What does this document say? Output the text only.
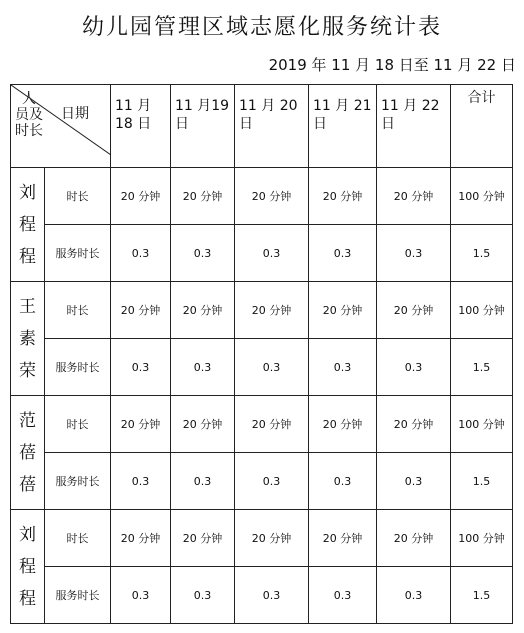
幼儿园管理区域志愿化服务统计表
2019 年 11 月 18 日至 11 月 22 日
日期
人
员及
时长		11 月18 日	11 月19 日	11 月 20 日	11 月 21 日	11 月 22 日	合计

刘
程
程	时长	20 分钟	20 分钟	20 分钟	20 分钟	20 分钟	100 分钟
	服务时长	0.3	0.3	0.3	0.3	0.3	1.5

王
素
荣	时长	20 分钟	20 分钟	20 分钟	20 分钟	20 分钟	100 分钟
	服务时长	0.3	0.3	0.3	0.3	0.3	1.5

范
蓓
蓓	时长	20 分钟	20 分钟	20 分钟	20 分钟	20 分钟	100 分钟
	服务时长	0.3	0.3	0.3	0.3	0.3	1.5

刘
程
程	时长	20 分钟	20 分钟	20 分钟	20 分钟	20 分钟	100 分钟
	服务时长	0.3	0.3	0.3	0.3	0.3	1.5
